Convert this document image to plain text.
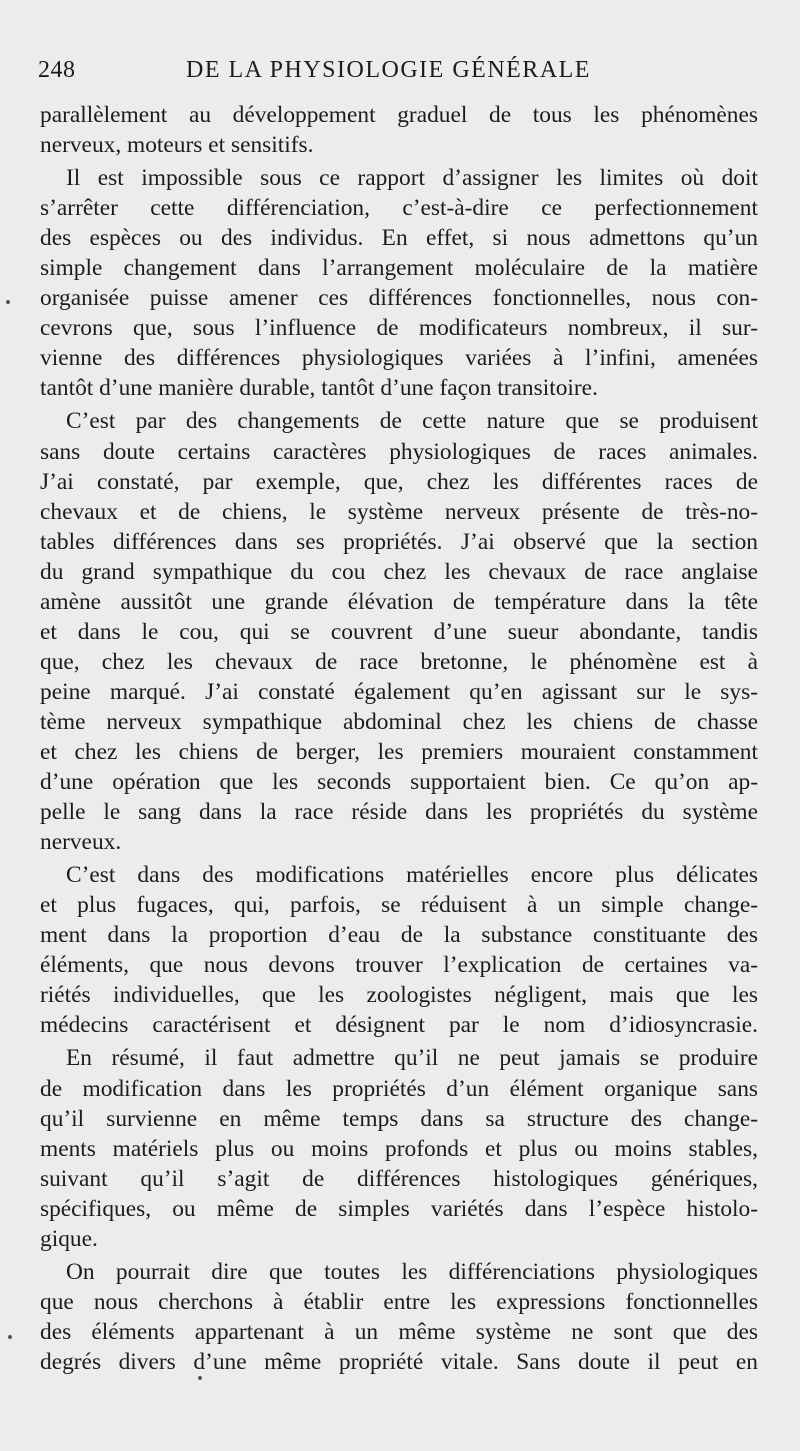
248	DE LA PHYSIOLOGIE GÉNÉRALE
parallèlement au développement graduel de tous les phénomènes
nerveux, moteurs et sensitifs.
Il est impossible sous ce rapport d’assigner les limites où doit
s’arrêter cette différenciation, c’est-à-dire ce perfectionnement
des espèces ou des individus. En effet, si nous admettons qu’un
simple changement dans l’arrangement moléculaire de la matière
organisée puisse amener ces différences fonctionnelles, nous con-
cevrons que, sous l’influence de modificateurs nombreux, il sur-
vienne des différences physiologiques variées à l’infini, amenées
tantôt d’une manière durable, tantôt d’une façon transitoire.
C’est par des changements de cette nature que se produisent
sans doute certains caractères physiologiques de races animales.
J’ai constaté, par exemple, que, chez les différentes races de
chevaux et de chiens, le système nerveux présente de très-no-
tables différences dans ses propriétés. J’ai observé que la section
du grand sympathique du cou chez les chevaux de race anglaise
amène aussitôt une grande élévation de température dans la tête
et dans le cou, qui se couvrent d’une sueur abondante, tandis
que, chez les chevaux de race bretonne, le phénomène est à
peine marqué. J’ai constaté également qu’en agissant sur le sys-
tème nerveux sympathique abdominal chez les chiens de chasse
et chez les chiens de berger, les premiers mouraient constamment
d’une opération que les seconds supportaient bien. Ce qu’on ap-
pelle le sang dans la race réside dans les propriétés du système
nerveux.
C’est dans des modifications matérielles encore plus délicates
et plus fugaces, qui, parfois, se réduisent à un simple change-
ment dans la proportion d’eau de la substance constituante des
éléments, que nous devons trouver l’explication de certaines va-
riétés individuelles, que les zoologistes négligent, mais que les
médecins caractérisent et désignent par le nom d’idiosyncrasie.
En résumé, il faut admettre qu’il ne peut jamais se produire
de modification dans les propriétés d’un élément organique sans
qu’il survienne en même temps dans sa structure des change-
ments matériels plus ou moins profonds et plus ou moins stables,
suivant qu’il s’agit de différences histologiques génériques,
spécifiques, ou même de simples variétés dans l’espèce histolo-
gique.
On pourrait dire que toutes les différenciations physiologiques
que nous cherchons à établir entre les expressions fonctionnelles
des éléments appartenant à un même système ne sont que des
degrés divers d’une même propriété vitale. Sans doute il peut en
